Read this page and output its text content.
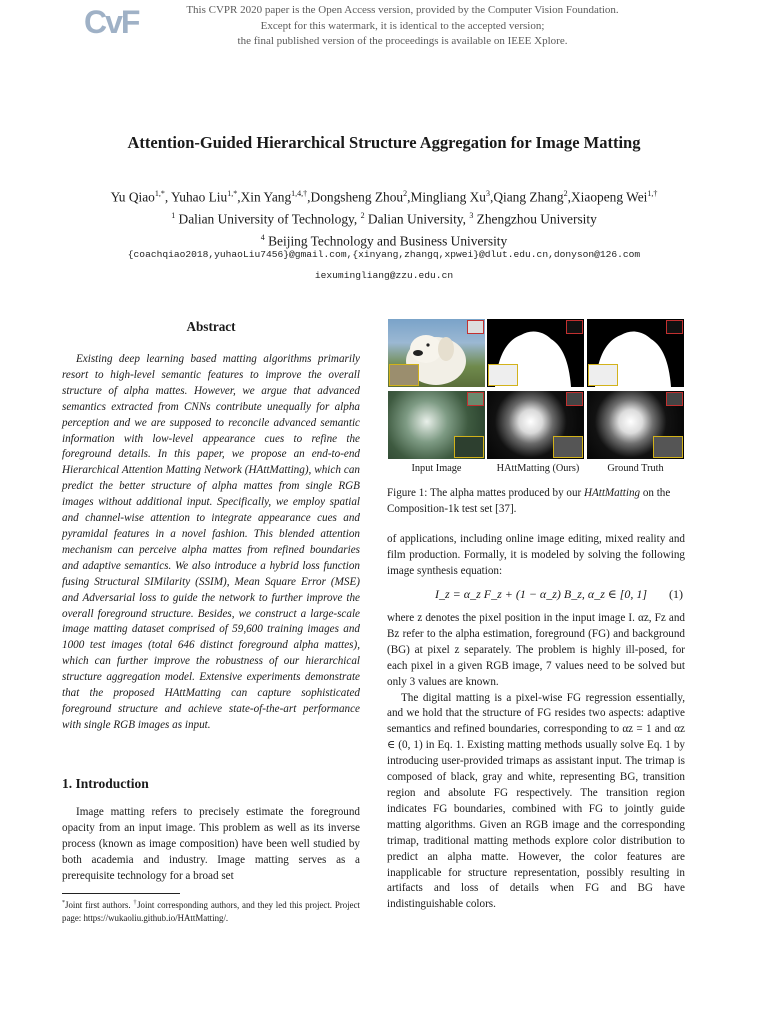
CvF	This CVPR 2020 paper is the Open Access version, provided by the Computer Vision Foundation.
Except for this watermark, it is identical to the accepted version;
the final published version of the proceedings is available on IEEE Xplore.
Attention-Guided Hierarchical Structure Aggregation for Image Matting
Yu Qiao$^{1,*}$, Yuhao Liu$^{1,*}$,Xin Yang$^{1,4,\dagger}$,Dongsheng Zhou$^2$,Mingliang Xu$^3$,Qiang Zhang$^2$,Xiaopeng Wei$^{1,\dagger}$
$^1$ Dalian University of Technology, $^2$ Dalian University, $^3$ Zhengzhou University
$^4$ Beijing Technology and Business University
{coachqiao2018,yuhaoLiu7456}@gmail.com,{xinyang,zhangq,xpwei}@dlut.edu.cn,donyson@126.com
iexumingliang@zzu.edu.cn
Abstract

Existing deep learning based matting algorithms primarily resort to high-level semantic features to improve the overall structure of alpha mattes. However, we argue that advanced semantics extracted from CNNs contribute unequally for alpha perception and we are supposed to reconcile advanced semantic information with low-level appearance cues to refine the foreground details. In this paper, we propose an end-to-end Hierarchical Attention Matting Network (HAttMatting), which can predict the better structure of alpha mattes from single RGB images without additional input. Specifically, we employ spatial and channel-wise attention to integrate appearance cues and pyramidal features in a novel fashion. This blended attention mechanism can perceive alpha mattes from refined boundaries and adaptive semantics. We also introduce a hybrid loss function fusing Structural SIMilarity (SSIM), Mean Square Error (MSE) and Adversarial loss to guide the network to further improve the overall foreground structure. Besides, we construct a large-scale image matting dataset comprised of 59,600 training images and 1000 test images (total 646 distinct foreground alpha mattes), which can further improve the robustness of our hierarchical structure aggregation model. Extensive experiments demonstrate that the proposed HAttMatting can capture sophisticated foreground structure and achieve state-of-the-art performance with single RGB images as input.

1. Introduction

Image matting refers to precisely estimate the foreground opacity from an input image. This problem as well as its inverse process (known as image composition) have been well studied by both academia and industry. Image matting serves as a prerequisite technology for a broad set

*Joint first authors. †Joint corresponding authors, and they led this project. Project page: https://wukaoliu.github.io/HAttMatting/.

Input Image	HAttMatting (Ours)	Ground Truth

Figure 1: The alpha mattes produced by our HAttMatting on the Composition-1k test set [37].

of applications, including online image editing, mixed reality and film production. Formally, it is modeled by solving the following image synthesis equation:

I_z = α_z F_z + (1 − α_z) B_z, α_z ∈ [0, 1] (1)

where z denotes the pixel position in the input image I. αz, Fz and Bz refer to the alpha estimation, foreground (FG) and background (BG) at pixel z separately. The problem is highly ill-posed, for each pixel in a given RGB image, 7 values need to be solved but only 3 values are known.

The digital matting is a pixel-wise FG regression essentially, and we hold that the structure of FG resides two aspects: adaptive semantics and refined boundaries, corresponding to αz = 1 and αz ∈ (0, 1) in Eq. 1. Existing matting methods usually solve Eq. 1 by introducing user-provided trimaps as assistant input. The trimap is composed of black, gray and white, representing BG, transition region and absolute FG respectively. The transition region indicates FG boundaries, combined with FG to jointly guide matting algorithms. Given an RGB image and the corresponding trimap, traditional matting methods explore color distribution to predict an alpha matte. However, the color features are inapplicable for structure representation, possibly resulting in artifacts and loss of details when FG and BG have indistinguishable colors.
